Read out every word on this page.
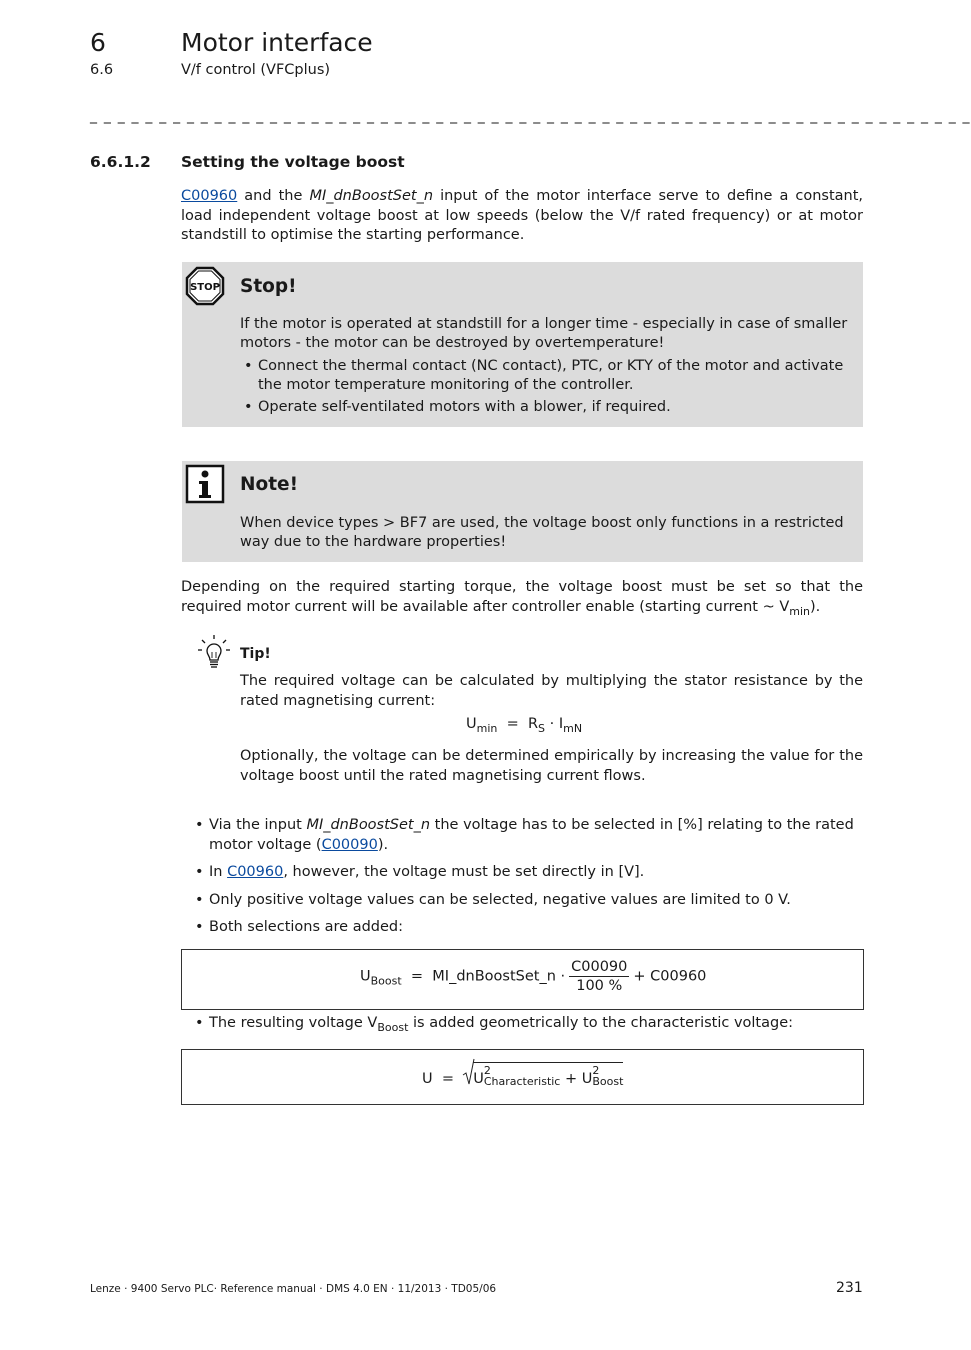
6	Motor interface
6.6	V/f control (VFCplus)
_ _ _ _ _ _ _ _ _ _ _ _ _ _ _ _ _ _ _ _ _ _ _ _ _ _ _ _ _ _ _ _ _ _ _ _ _ _ _ _ _ _ _ _ _ _ _ _ _ _ _ _ _ _ _ _ _ _ _ _ _ _ _ _
6.6.1.2 Setting the voltage boost
C00960 and the MI_dnBoostSet_n input of the motor interface serve to define a constant, load independent voltage boost at low speeds (below the V/f rated frequency) or at motor standstill to optimise the starting performance.
STOP Stop!
If the motor is operated at standstill for a longer time - especially in case of smaller motors - the motor can be destroyed by overtemperature!
• Connect the thermal contact (NC contact), PTC, or KTY of the motor and activate the motor temperature monitoring of the controller.
• Operate self-ventilated motors with a blower, if required.
Note!
When device types > BF7 are used, the voltage boost only functions in a restricted way due to the hardware properties!
Depending on the required starting torque, the voltage boost must be set so that the required motor current will be available after controller enable (starting current ~ $V_{min}$).
Tip!
The required voltage can be calculated by multiplying the stator resistance by the rated magnetising current:
$U_{min} = R_S \cdot I_{mN}$
Optionally, the voltage can be determined empirically by increasing the value for the voltage boost until the rated magnetising current flows.
• Via the input MI_dnBoostSet_n the voltage has to be selected in [%] relating to the rated motor voltage (C00090).
• In C00960, however, the voltage must be set directly in [V].
• Only positive voltage values can be selected, negative values are limited to 0 V.
• Both selections are added:
$U_{Boost}$ = MI_dnBoostSet_n · $\frac{C00090}{100 \%} + C00960$
• The resulting voltage $V_{Boost}$ is added geometrically to the characteristic voltage:
U = U
2
Characteristic + U
2
Boost
Lenze · 9400 Servo PLC· Reference manual · DMS 4.0 EN · 11/2013 · TD05/06	231
